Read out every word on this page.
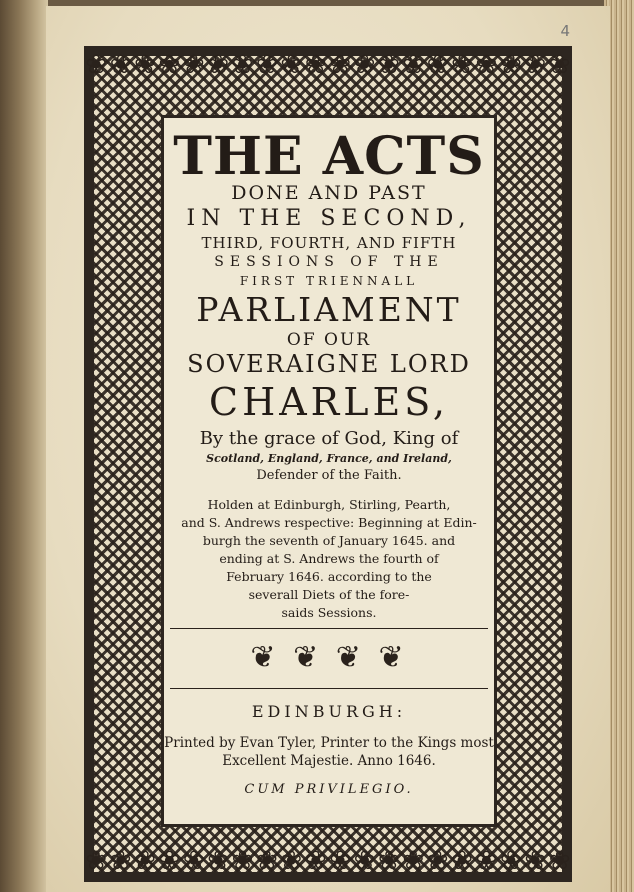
4
❀ ❀ ❀ ❀ ❀ ❀ ❀ ❀ ❀ ❀ ❀ ❀ ❀ ❀ ❀ ❀ ❀ ❀ ❀ ❀
❀ ❀ ❀ ❀ ❀ ❀ ❀ ❀ ❀ ❀ ❀ ❀ ❀ ❀ ❀ ❀ ❀ ❀ ❀ ❀
THE ACTS
DONE AND PAST
IN THE SECOND,
THIRD, FOURTH, AND FIFTH
SESSIONS OF THE
FIRST TRIENNALL
PARLIAMENT
OF OUR
SOVERAIGNE LORD
CHARLES,
By the grace of God, King of
Scotland, England, France, and Ireland,
Defender of the Faith.
Holden at Edinburgh, Stirling, Pearth,
and S. Andrews respective: Beginning at Edin-
burgh the seventh of January 1645. and
ending at S. Andrews the fourth of
February 1646. according to the
severall Diets of the fore-
saids Sessions.
❦ ❦ ❦ ❦
EDINBURGH:
Printed by Evan Tyler, Printer to the Kings most
Excellent Majestie. Anno 1646.
CUM PRIVILEGIO.
